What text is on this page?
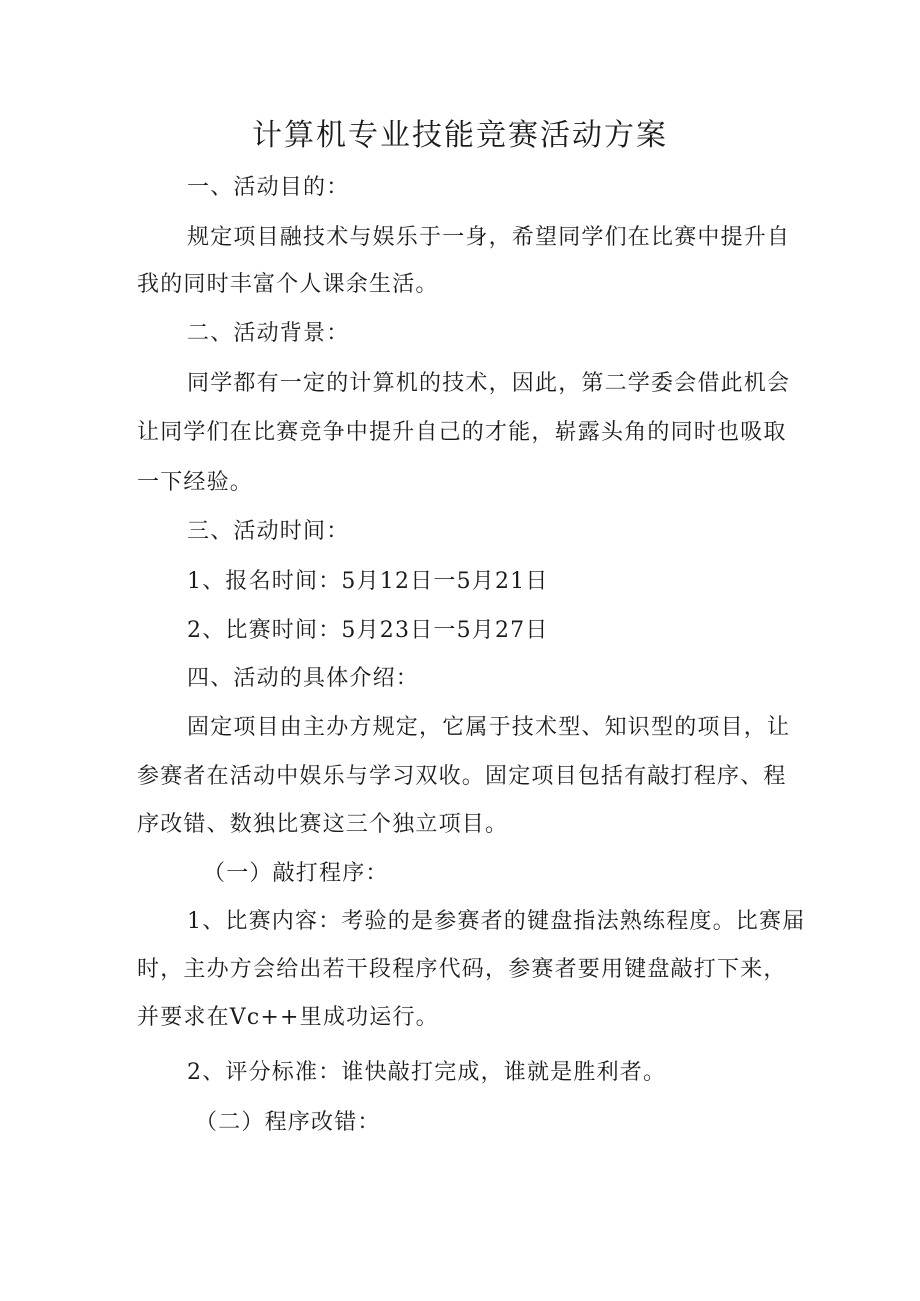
计算机专业技能竞赛活动方案
一、活动目的：
规定项目融技术与娱乐于一身，希望同学们在比赛中提升自
我的同时丰富个人课余生活。
二、活动背景：
同学都有一定的计算机的技术，因此，第二学委会借此机会
让同学们在比赛竞争中提升自己的才能，崭露头角的同时也吸取
一下经验。
三、活动时间：
1、报名时间：5月12日一5月21日
2、比赛时间：5月23日一5月27日
四、活动的具体介绍：
固定项目由主办方规定，它属于技术型、知识型的项目，让
参赛者在活动中娱乐与学习双收。固定项目包括有敲打程序、程
序改错、数独比赛这三个独立项目。
（一）敲打程序：
1、比赛内容：考验的是参赛者的键盘指法熟练程度。比赛届
时，主办方会给出若干段程序代码，参赛者要用键盘敲打下来，
并要求在Vc++里成功运行。
2、评分标准：谁快敲打完成，谁就是胜利者。
（二）程序改错：
